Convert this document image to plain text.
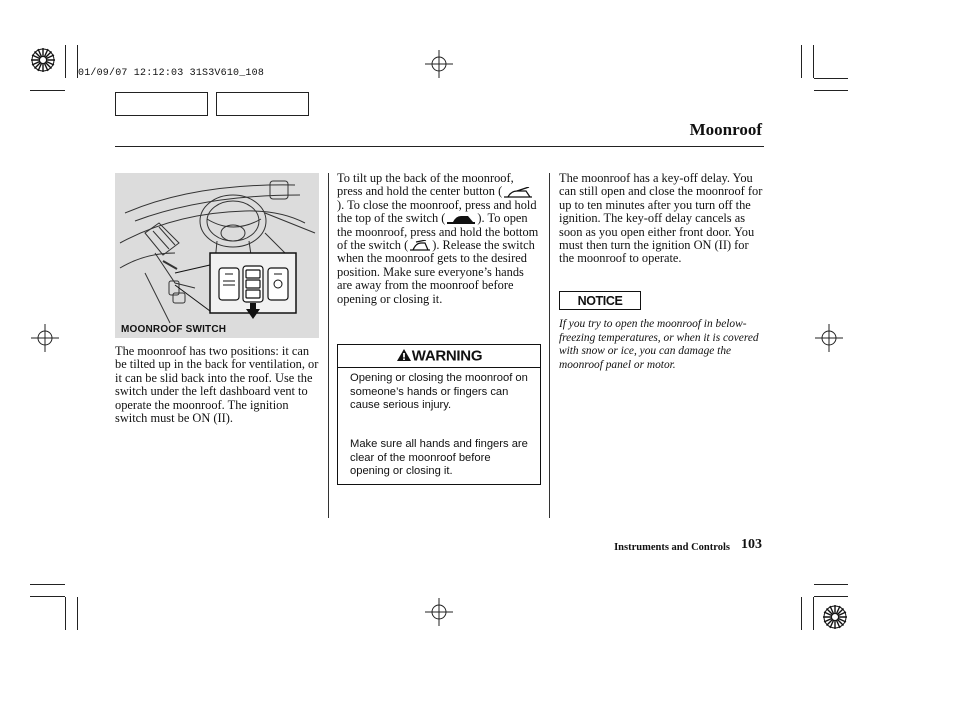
01/09/07 12:12:03 31S3V610_108
Moonroof
MOONROOF SWITCH
The moonroof has two positions: it can be tilted up in the back for ventilation, or it can be slid back into the roof. Use the switch under the left dashboard vent to operate the moonroof. The ignition switch must be ON (II).
To tilt up the back of the moonroof, press and hold the center button (). To close the moonroof, press and hold the top of the switch (	). To open the moonroof, press and hold the bottom of the switch ( ). Release the switch when the moonroof gets to the desired position. Make sure everyone’s hands are away from the moonroof before opening or closing it.
WARNING
Opening or closing the moonroof on someone’s hands or fingers can cause serious injury.
Make sure all hands and fingers are clear of the moonroof before opening or closing it.
The moonroof has a key-off delay. You can still open and close the moonroof for up to ten minutes after you turn off the ignition. The key-off delay cancels as soon as you open either front door. You must then turn the ignition ON (II) for the moonroof to operate.
NOTICE
If you try to open the moonroof in below-freezing temperatures, or when it is covered with snow or ice, you can damage the moonroof panel or motor.
Instruments and Controls 103
